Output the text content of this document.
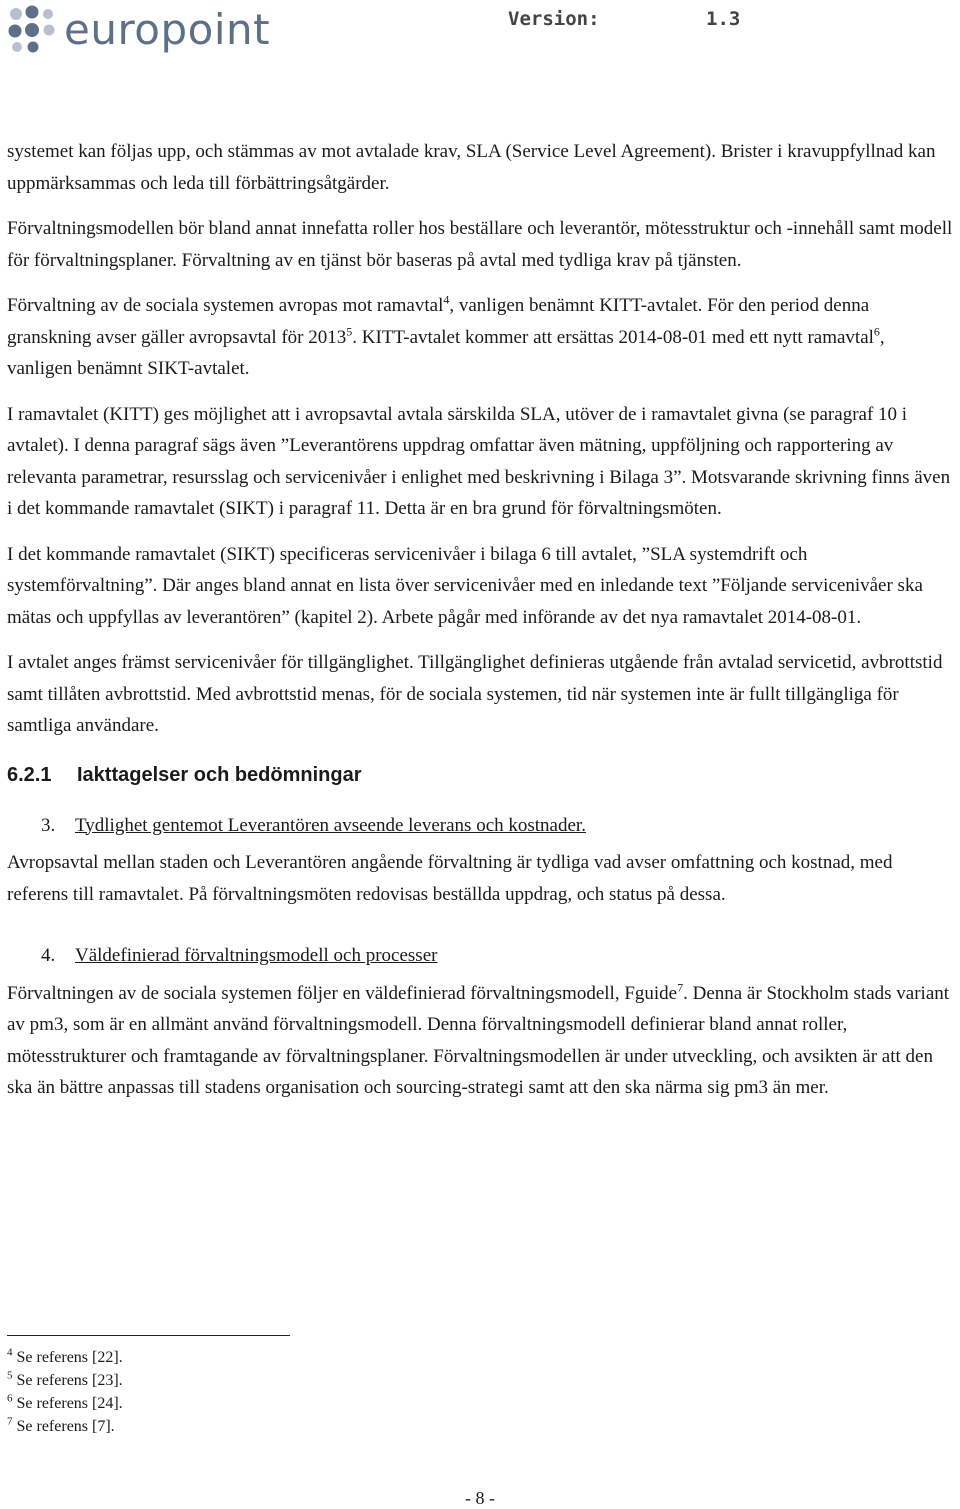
europoint	Version:	1.3

systemet kan följas upp, och stämmas av mot avtalade krav, SLA (Service Level Agreement). Brister i kravuppfyllnad kan uppmärksammas och leda till förbättringsåtgärder.

Förvaltningsmodellen bör bland annat innefatta roller hos beställare och leverantör, mötesstruktur och -innehåll samt modell för förvaltningsplaner. Förvaltning av en tjänst bör baseras på avtal med tydliga krav på tjänsten.

Förvaltning av de sociala systemen avropas mot ramavtal$^4$, vanligen benämnt KITT-avtalet. För den period denna granskning avser gäller avropsavtal för 2013$^5$. KITT-avtalet kommer att ersättas 2014-08-01 med ett nytt ramavtal$^6$, vanligen benämnt SIKT-avtalet.

I ramavtalet (KITT) ges möjlighet att i avropsavtal avtala särskilda SLA, utöver de i ramavtalet givna (se paragraf 10 i avtalet). I denna paragraf sägs även ”Leverantörens uppdrag omfattar även mätning, uppföljning och rapportering av relevanta parametrar, resursslag och servicenivåer i enlighet med beskrivning i Bilaga 3”. Motsvarande skrivning finns även i det kommande ramavtalet (SIKT) i paragraf 11. Detta är en bra grund för förvaltningsmöten.

I det kommande ramavtalet (SIKT) specificeras servicenivåer i bilaga 6 till avtalet, ”SLA systemdrift och systemförvaltning”. Där anges bland annat en lista över servicenivåer med en inledande text ”Följande servicenivåer ska mätas och uppfyllas av leverantören” (kapitel 2). Arbete pågår med införande av det nya ramavtalet 2014-08-01.

I avtalet anges främst servicenivåer för tillgänglighet. Tillgänglighet definieras utgående från avtalad servicetid, avbrottstid samt tillåten avbrottstid. Med avbrottstid menas, för de sociala systemen, tid när systemen inte är fullt tillgängliga för samtliga användare.

6.2.1 Iakttagelser och bedömningar
3. Tydlighet gentemot Leverantören avseende leverans och kostnader.

Avropsavtal mellan staden och Leverantören angående förvaltning är tydliga vad avser omfattning och kostnad, med referens till ramavtalet. På förvaltningsmöten redovisas beställda uppdrag, och status på dessa.

4. Väldefinierad förvaltningsmodell och processer

Förvaltningen av de sociala systemen följer en väldefinierad förvaltningsmodell, Fguide$^7$. Denna är Stockholm stads variant av pm3, som är en allmänt använd förvaltningsmodell. Denna förvaltningsmodell definierar bland annat roller, mötesstrukturer och framtagande av förvaltningsplaner. Förvaltningsmodellen är under utveckling, och avsikten är att den ska än bättre anpassas till stadens organisation och sourcing-strategi samt att den ska närma sig pm3 än mer.

$^4$ Se referens [22].
$^5$ Se referens [23].
$^6$ Se referens [24].
$^7$ Se referens [7].
- 8 -
